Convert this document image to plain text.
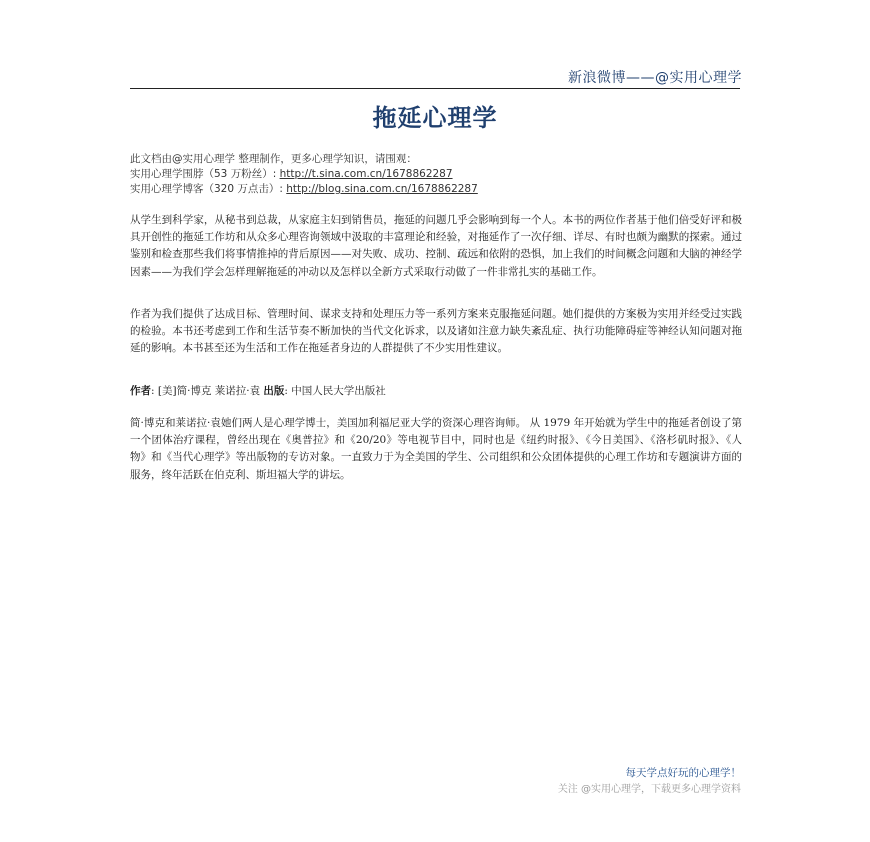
新浪微博——@实用心理学
拖延心理学
此文档由@实用心理学 整理制作，更多心理学知识，请围观：
实用心理学围脖（53 万粉丝）: http://t.sina.com.cn/1678862287
实用心理学博客（320 万点击）: http://blog.sina.com.cn/1678862287
从学生到科学家，从秘书到总裁，从家庭主妇到销售员，拖延的问题几乎会影响到每一个人。本书的两位作者基于他们倍受好评和极具开创性的拖延工作坊和从众多心理咨询领域中汲取的丰富理论和经验，对拖延作了一次仔细、详尽、有时也颇为幽默的探索。通过鉴别和检查那些我们将事情推掉的背后原因——对失败、成功、控制、疏远和依附的恐惧，加上我们的时间概念问题和大脑的神经学因素——为我们学会怎样理解拖延的冲动以及怎样以全新方式采取行动做了一件非常扎实的基础工作。
作者为我们提供了达成目标、管理时间、谋求支持和处理压力等一系列方案来克服拖延问题。她们提供的方案极为实用并经受过实践的检验。本书还考虑到工作和生活节奏不断加快的当代文化诉求，以及诸如注意力缺失紊乱症、执行功能障碍症等神经认知问题对拖延的影响。本书甚至还为生活和工作在拖延者身边的人群提供了不少实用性建议。
作者: [美]简·博克 莱诺拉·袁 出版: 中国人民大学出版社
简·博克和莱诺拉·袁她们两人是心理学博士，美国加利福尼亚大学的资深心理咨询师。 从 1979 年开始就为学生中的拖延者创设了第一个团体治疗课程，曾经出现在《奥普拉》和《20/20》等电视节目中，同时也是《纽约时报》、《今日美国》、《洛杉矶时报》、《人物》和《当代心理学》等出版物的专访对象。一直致力于为全美国的学生、公司组织和公众团体提供的心理工作坊和专题演讲方面的服务，终年活跃在伯克利、斯坦福大学的讲坛。
每天学点好玩的心理学！
关注 @实用心理学，下载更多心理学资料
